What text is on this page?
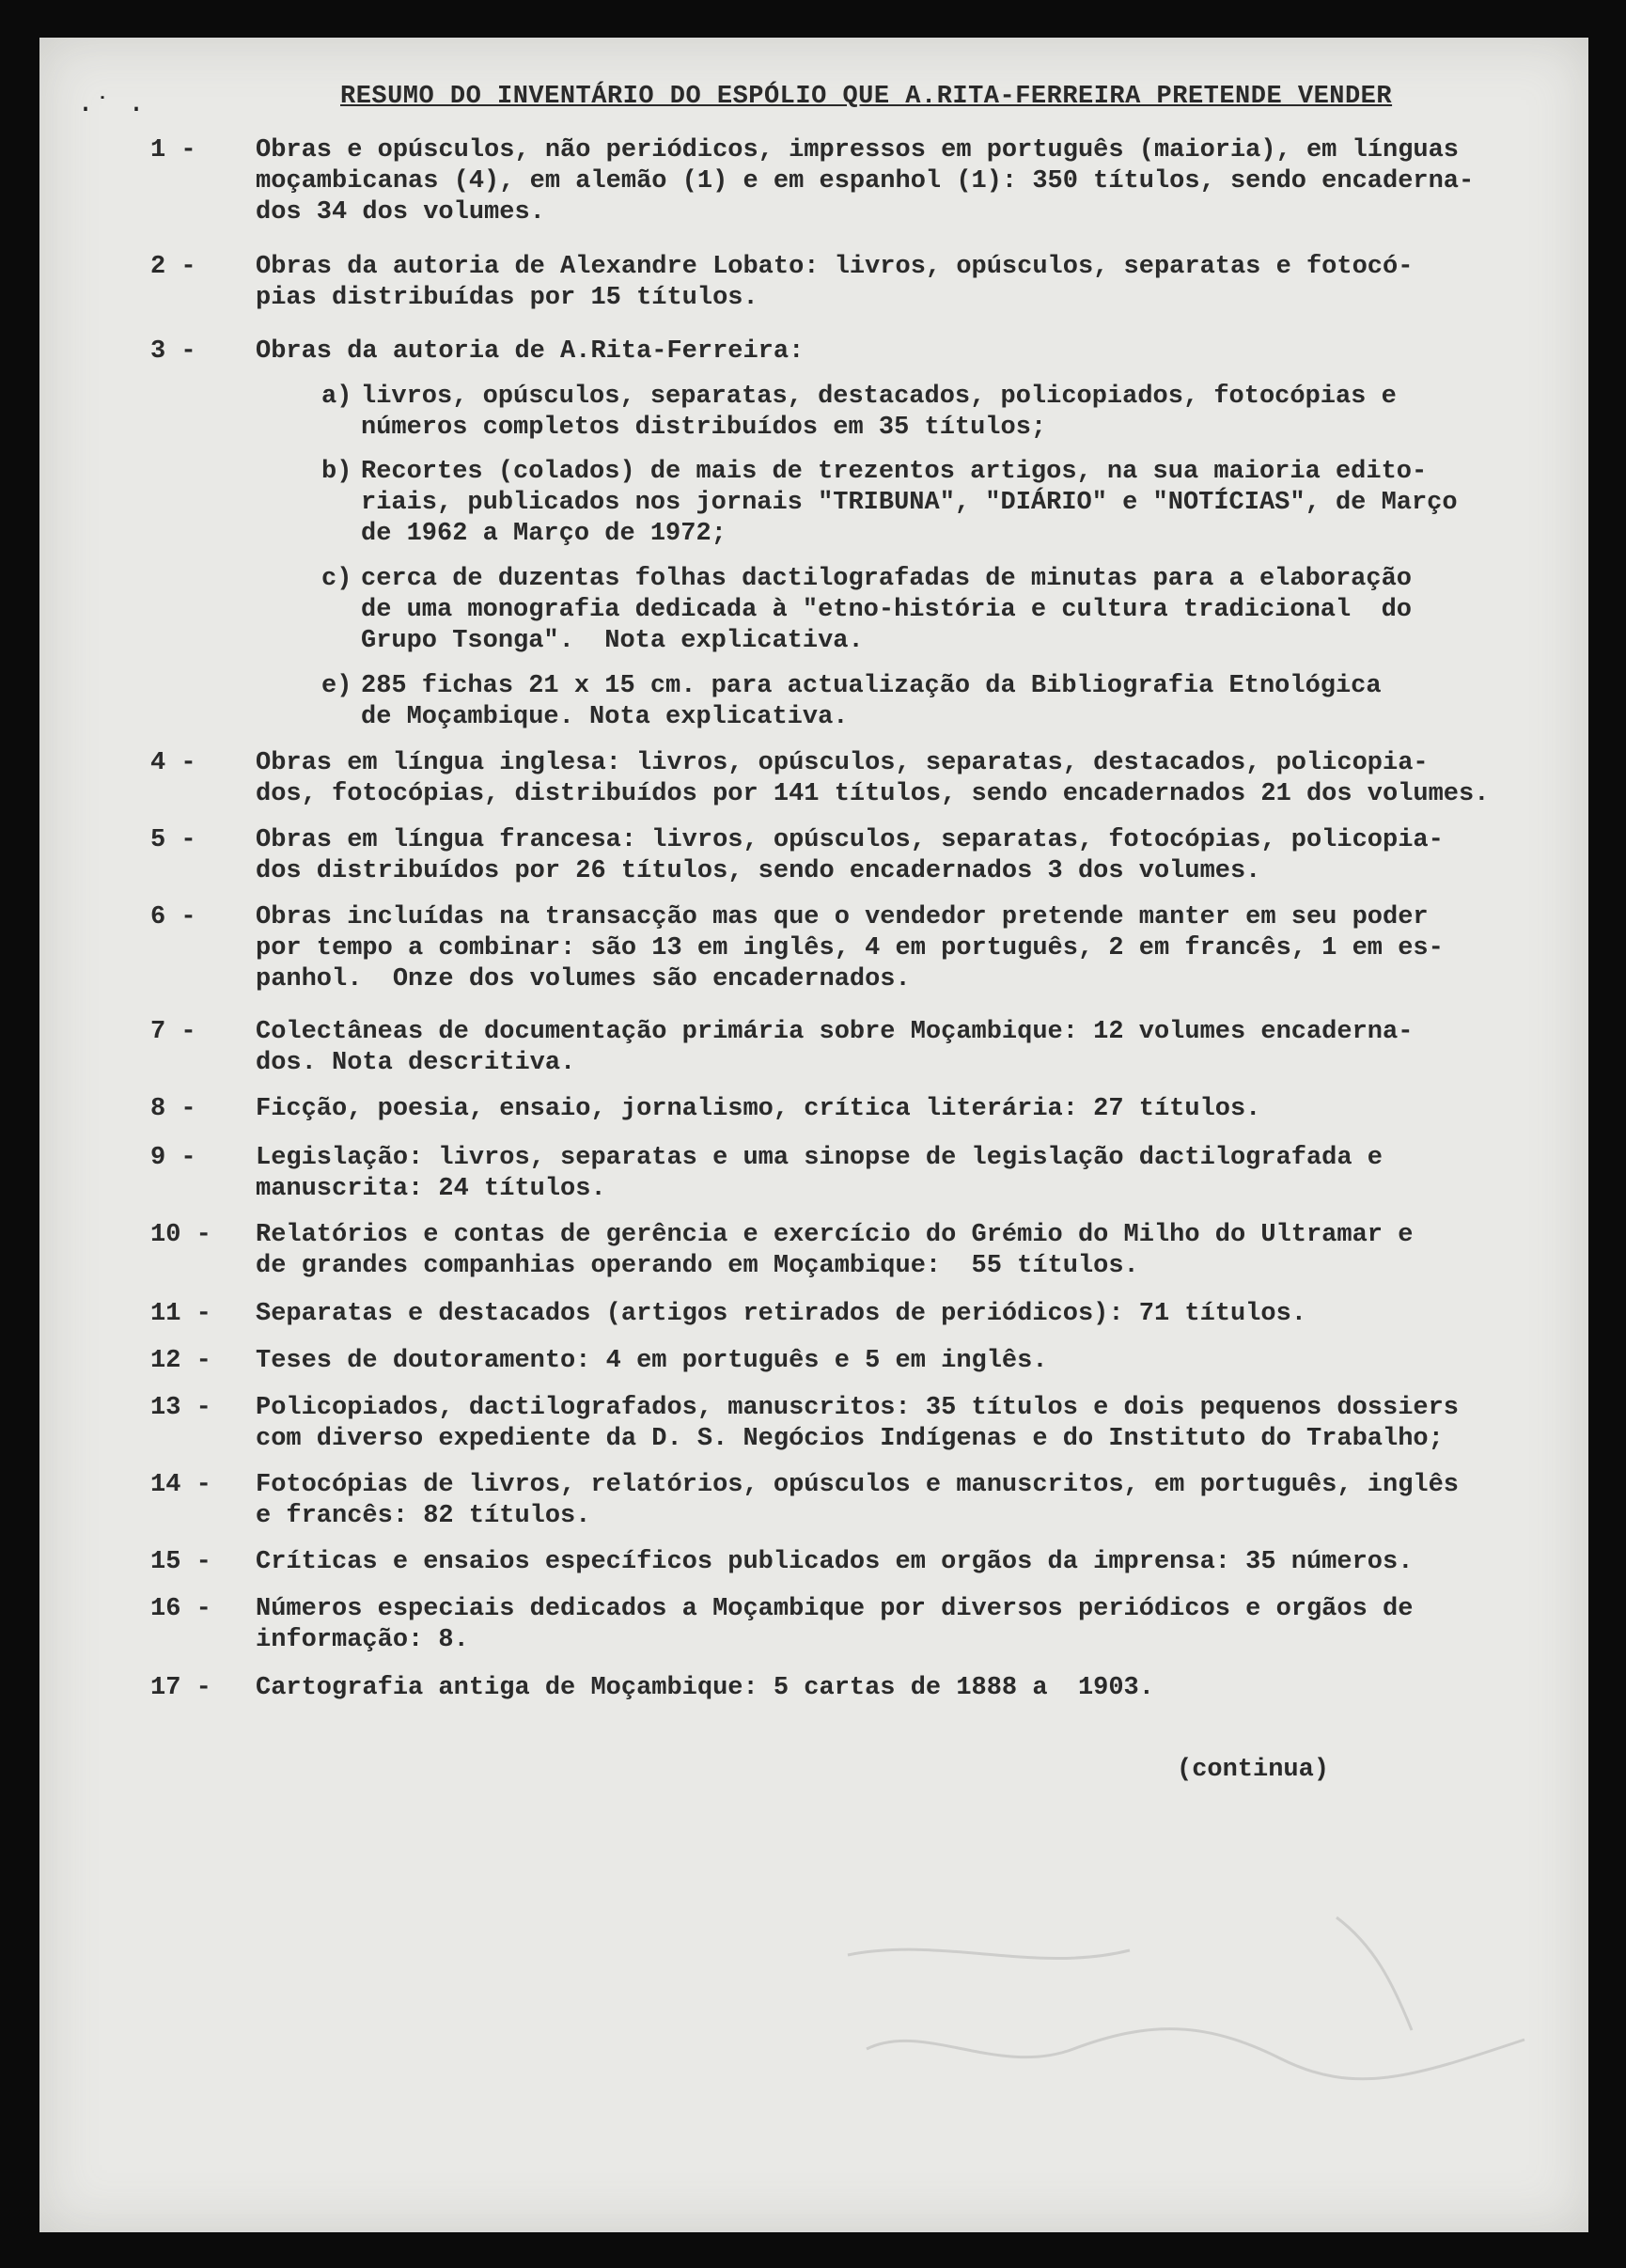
·˙ ·	RESUMO DO INVENTÁRIO DO ESPÓLIO QUE A.RITA-FERREIRA PRETENDE VENDER
1 -	Obras e opúsculos, não periódicos, impressos em português (maioria), em línguas
moçambicanas (4), em alemão (1) e em espanhol (1): 350 títulos, sendo encaderna-
dos 34 dos volumes.
2 -	Obras da autoria de Alexandre Lobato: livros, opúsculos, separatas e fotocó-
pias distribuídas por 15 títulos.
3 -	Obras da autoria de A.Rita-Ferreira:
a) livros, opúsculos, separatas, destacados, policopiados, fotocópias e
números completos distribuídos em 35 títulos;
b) Recortes (colados) de mais de trezentos artigos, na sua maioria edito-
riais, publicados nos jornais "TRIBUNA", "DIÁRIO" e "NOTÍCIAS", de Março
de 1962 a Março de 1972;
c) cerca de duzentas folhas dactilografadas de minutas para a elaboração
de uma monografia dedicada à "etno-história e cultura tradicional  do
Grupo Tsonga".  Nota explicativa.
e) 285 fichas 21 x 15 cm. para actualização da Bibliografia Etnológica
de Moçambique. Nota explicativa.
4 -	Obras em língua inglesa: livros, opúsculos, separatas, destacados, policopia-
dos, fotocópias, distribuídos por 141 títulos, sendo encadernados 21 dos volumes.
5 -	Obras em língua francesa: livros, opúsculos, separatas, fotocópias, policopia-
dos distribuídos por 26 títulos, sendo encadernados 3 dos volumes.
6 -	Obras incluídas na transacção mas que o vendedor pretende manter em seu poder
por tempo a combinar: são 13 em inglês, 4 em português, 2 em francês, 1 em es-
panhol.  Onze dos volumes são encadernados.
7 -	Colectâneas de documentação primária sobre Moçambique: 12 volumes encaderna-
dos. Nota descritiva.
8 -	Ficção, poesia, ensaio, jornalismo, crítica literária: 27 títulos.
9 -	Legislação: livros, separatas e uma sinopse de legislação dactilografada e
manuscrita: 24 títulos.
10 -	Relatórios e contas de gerência e exercício do Grémio do Milho do Ultramar e
de grandes companhias operando em Moçambique:  55 títulos.
11 -	Separatas e destacados (artigos retirados de periódicos): 71 títulos.
12 -	Teses de doutoramento: 4 em português e 5 em inglês.
13 -	Policopiados, dactilografados, manuscritos: 35 títulos e dois pequenos dossiers
com diverso expediente da D. S. Negócios Indígenas e do Instituto do Trabalho;
14 -	Fotocópias de livros, relatórios, opúsculos e manuscritos, em português, inglês
e francês: 82 títulos.
15 -	Críticas e ensaios específicos publicados em orgãos da imprensa: 35 números.
16 -	Números especiais dedicados a Moçambique por diversos periódicos e orgãos de
informação: 8.
17 -	Cartografia antiga de Moçambique: 5 cartas de 1888 a  1903.
(continua)
